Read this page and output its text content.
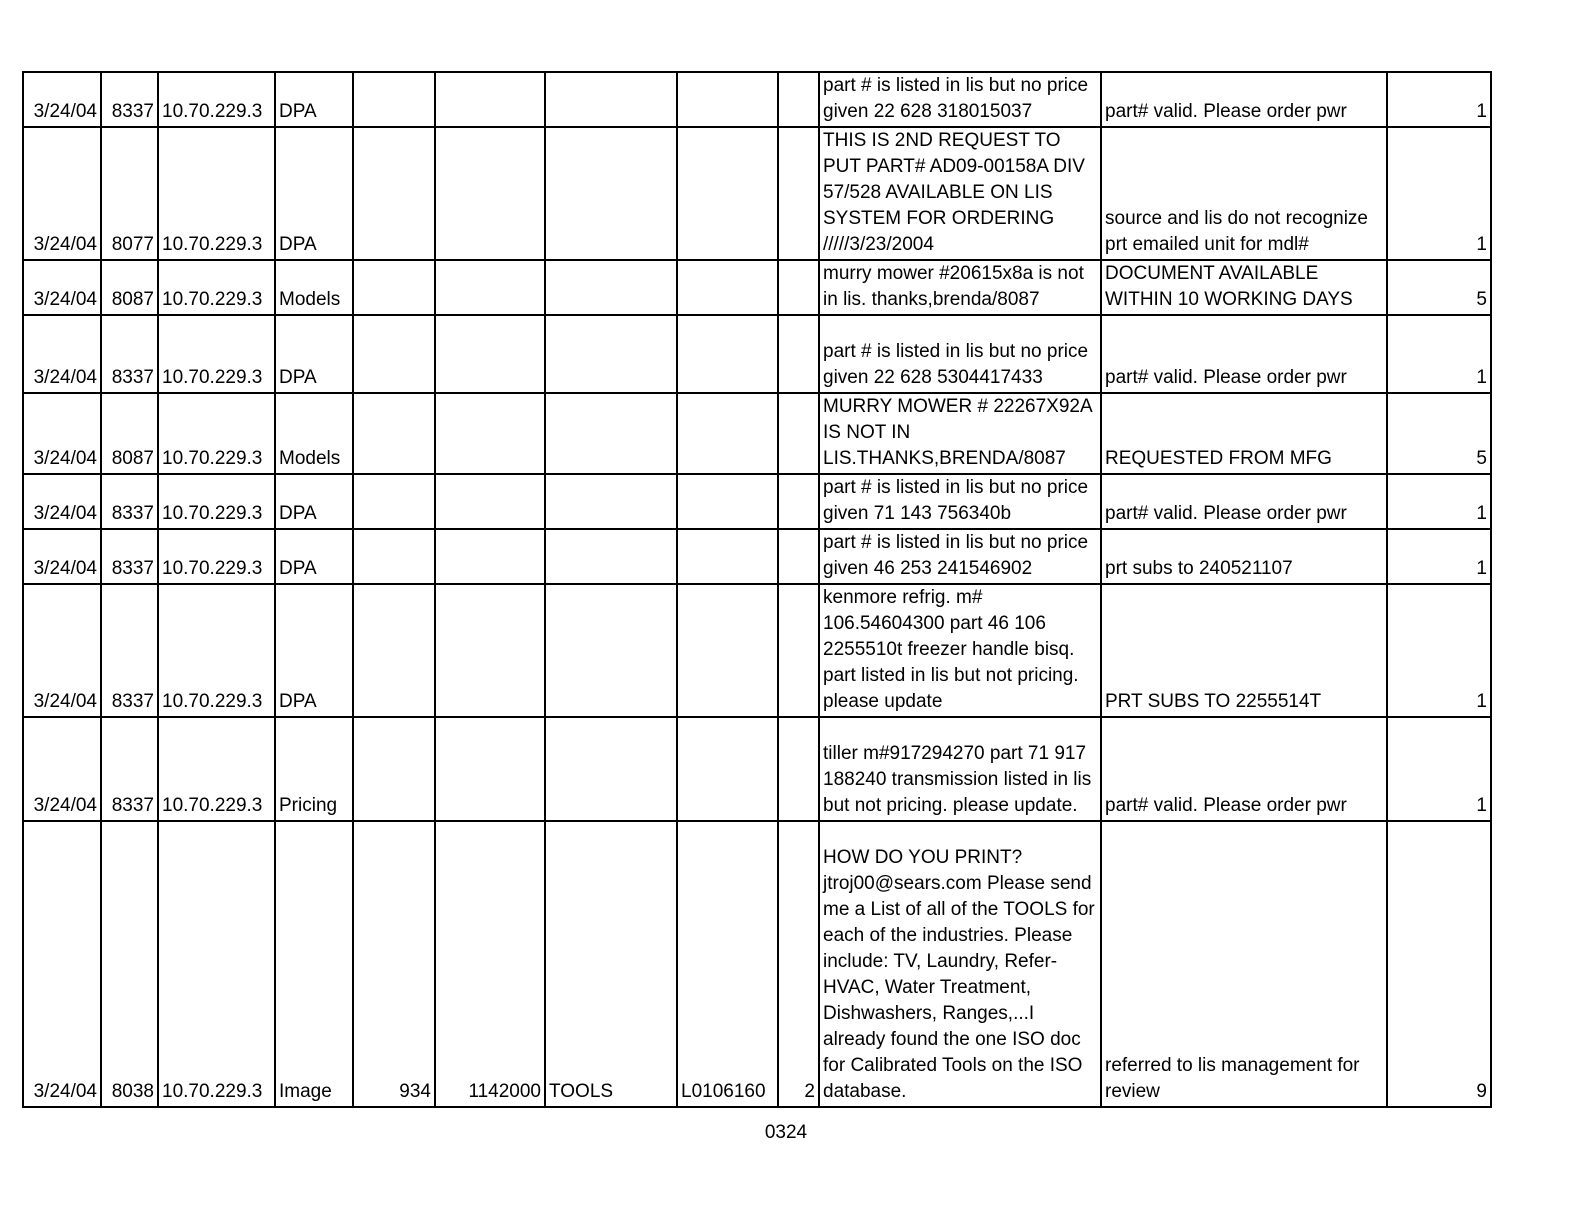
3/24/04	8337	10.70.229.3	DPA						part # is listed in lis but no price given 22 628 318015037	part# valid. Please order pwr	1
3/24/04	8077	10.70.229.3	DPA						THIS IS 2ND REQUEST TO PUT PART# AD09-00158A DIV 57/528 AVAILABLE ON LIS SYSTEM FOR ORDERING /////3/23/2004	source and lis do not recognize prt emailed unit for mdl#	1
3/24/04	8087	10.70.229.3	Models						murry mower #20615x8a is not in lis. thanks,brenda/8087	DOCUMENT AVAILABLE WITHIN 10 WORKING DAYS	5
3/24/04	8337	10.70.229.3	DPA						part # is listed in lis but no price given 22 628 5304417433	part# valid. Please order pwr	1
3/24/04	8087	10.70.229.3	Models						MURRY MOWER # 22267X92A IS NOT IN LIS.THANKS,BRENDA/8087	REQUESTED FROM MFG	5
3/24/04	8337	10.70.229.3	DPA						part # is listed in lis but no price given 71 143 756340b	part# valid. Please order pwr	1
3/24/04	8337	10.70.229.3	DPA						part # is listed in lis but no price given 46 253 241546902	prt subs to 240521107	1
3/24/04	8337	10.70.229.3	DPA						kenmore refrig. m# 106.54604300 part 46 106 2255510t freezer handle bisq. part listed in lis but not pricing. please update	PRT SUBS TO 2255514T	1
3/24/04	8337	10.70.229.3	Pricing						tiller m#917294270 part 71 917 188240 transmission listed in lis but not pricing. please update.	part# valid. Please order pwr	1
3/24/04	8038	10.70.229.3	Image	934	1142000	TOOLS	L0106160	2	HOW DO YOU PRINT?jtroj00@sears.com Please send me a List of all of the TOOLS for each of the industries. Please include: TV, Laundry, Refer-HVAC, Water Treatment, Dishwashers, Ranges,...I already found the one ISO doc for Calibrated Tools on the ISO database.	referred to lis management for review	9
0324
